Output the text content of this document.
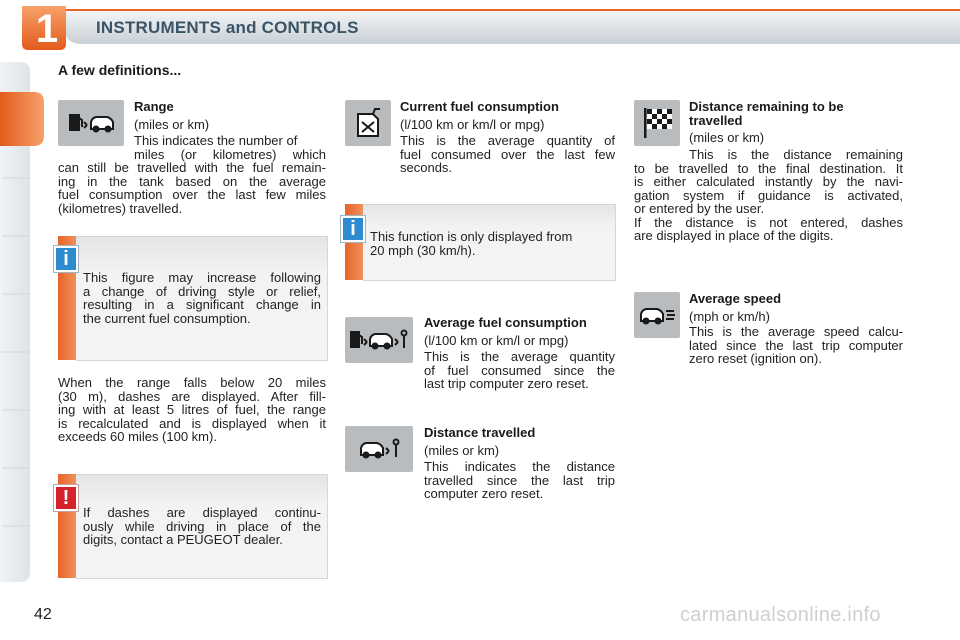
1	INSTRUMENTS and CONTROLS
A few definitions...
Range
(miles or km)
This indicates the number of
miles (or kilometres) which
can still be travelled with the fuel remain-
ing in the tank based on the average
fuel consumption over the last few miles
(kilometres) travelled.
i
This figure may increase following
a change of driving style or relief,
resulting in a significant change in
the current fuel consumption.
When the range falls below 20 miles
(30 m), dashes are displayed. After fill-
ing with at least 5 litres of fuel, the range
is recalculated and is displayed when it
exceeds 60 miles (100 km).
!
If dashes are displayed continu-
ously while driving in place of the
digits, contact a PEUGEOT dealer.
Current fuel consumption
(l/100 km or km/l or mpg)
This is the average quantity of
fuel consumed over the last few
seconds.
i	This function is only displayed from
20 mph (30 km/h).
Average fuel consumption
(l/100 km or km/l or mpg)
This is the average quantity
of fuel consumed since the
last trip computer zero reset.
Distance travelled
(miles or km)
This indicates the distance
travelled since the last trip
computer zero reset.
Distance remaining to be
travelled
(miles or km)
This is the distance remaining
to be travelled to the final destination. It
is either calculated instantly by the navi-
gation system if guidance is activated,
or entered by the user.
If the distance is not entered, dashes
are displayed in place of the digits.
Average speed
(mph or km/h)
This is the average speed calcu-
lated since the last trip computer
zero reset (ignition on).
42	carmanualsonline.info
